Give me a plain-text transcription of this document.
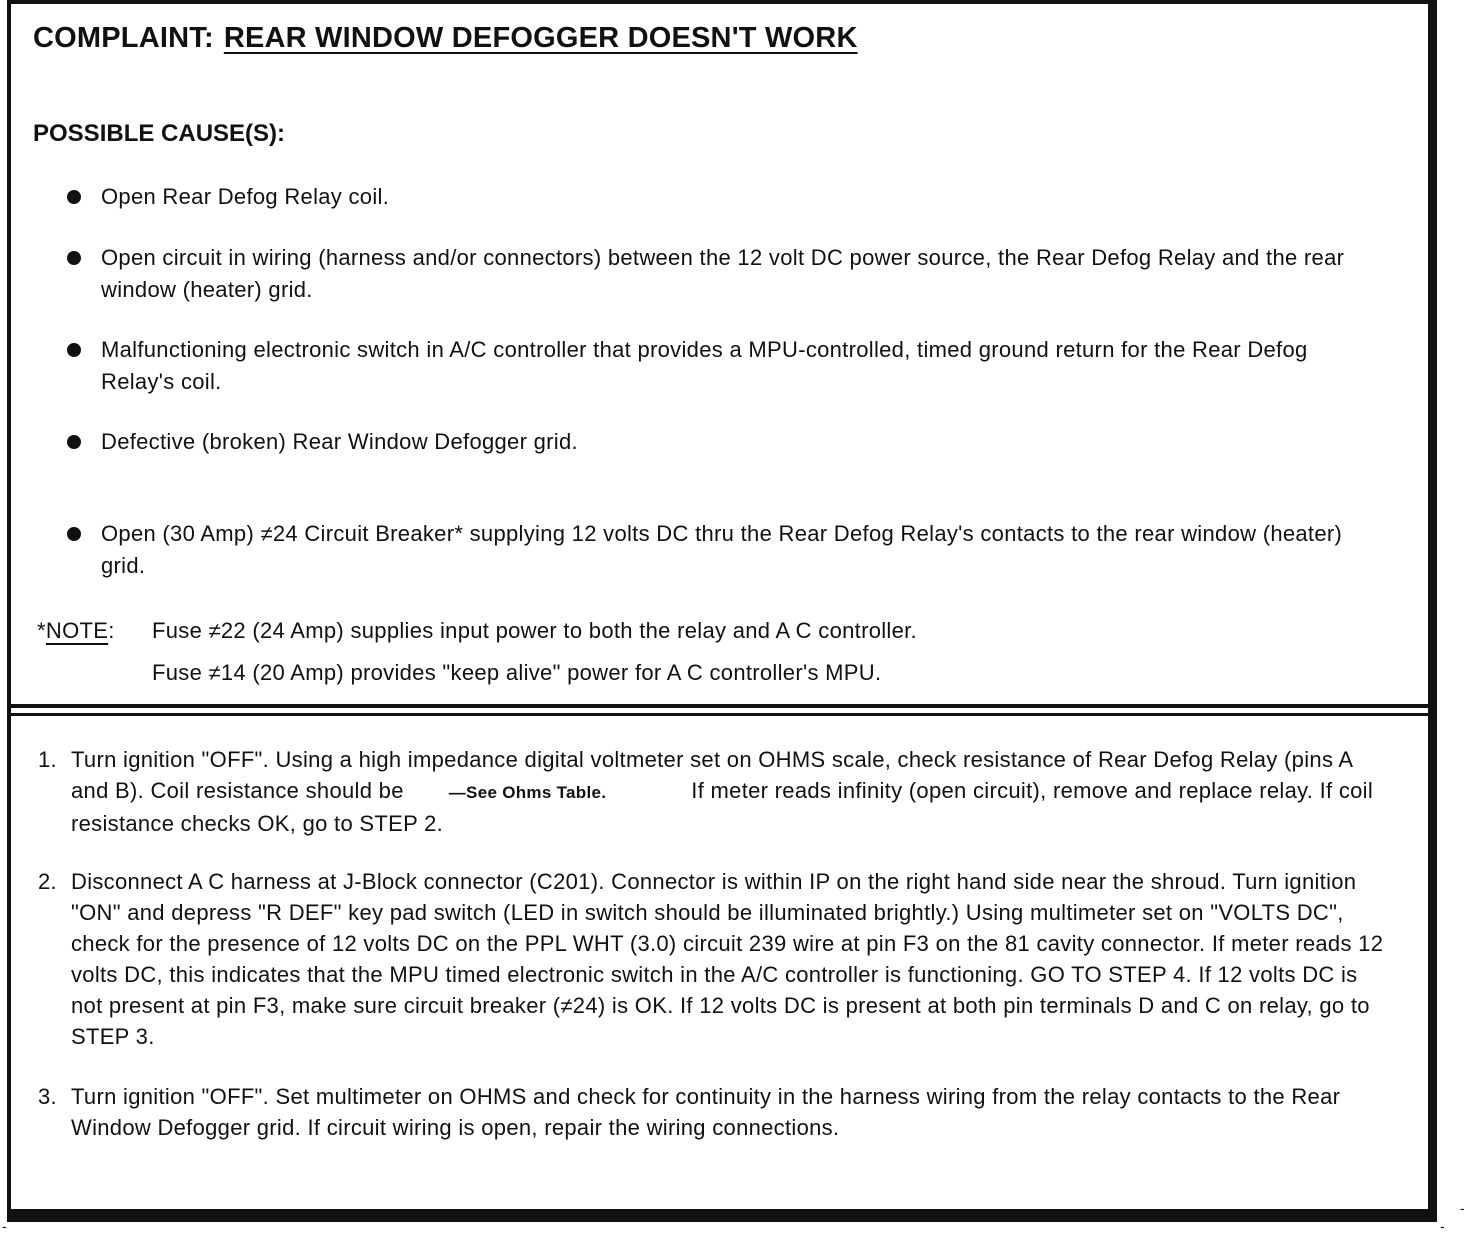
COMPLAINT: REAR WINDOW DEFOGGER DOESN'T WORK
POSSIBLE CAUSE(S):
Open Rear Defog Relay coil.
Open circuit in wiring (harness and/or connectors) between the 12 volt DC power source, the Rear Defog Relay and the rear window (heater) grid.
Malfunctioning electronic switch in A/C controller that provides a MPU-controlled, timed ground return for the Rear Defog Relay's coil.
Defective (broken) Rear Window Defogger grid.
Open (30 Amp) ≠24 Circuit Breaker* supplying 12 volts DC thru the Rear Defog Relay's contacts to the rear window (heater) grid.
*NOTE: Fuse ≠22 (24 Amp) supplies input power to both the relay and A C controller.
Fuse ≠14 (20 Amp) provides "keep alive" power for A C controller's MPU.
1. Turn ignition "OFF". Using a high impedance digital voltmeter set on OHMS scale, check resistance of Rear Defog Relay (pins A and B). Coil resistance should be	—See Ohms Table.	If meter reads infinity (open circuit), remove and replace relay. If coil resistance checks OK, go to STEP 2.
2. Disconnect A C harness at J-Block connector (C201). Connector is within IP on the right hand side near the shroud. Turn ignition "ON" and depress "R DEF" key pad switch (LED in switch should be illuminated brightly.) Using multimeter set on "VOLTS DC", check for the presence of 12 volts DC on the PPL WHT (3.0) circuit 239 wire at pin F3 on the 81 cavity connector. If meter reads 12 volts DC, this indicates that the MPU timed electronic switch in the A/C controller is functioning. GO TO STEP 4. If 12 volts DC is not present at pin F3, make sure circuit breaker (≠24) is OK. If 12 volts DC is present at both pin terminals D and C on relay, go to STEP 3.
3. Turn ignition "OFF". Set multimeter on OHMS and check for continuity in the harness wiring from the relay contacts to the Rear Window Defogger grid. If circuit wiring is open, repair the wiring connections.
-	-
-
